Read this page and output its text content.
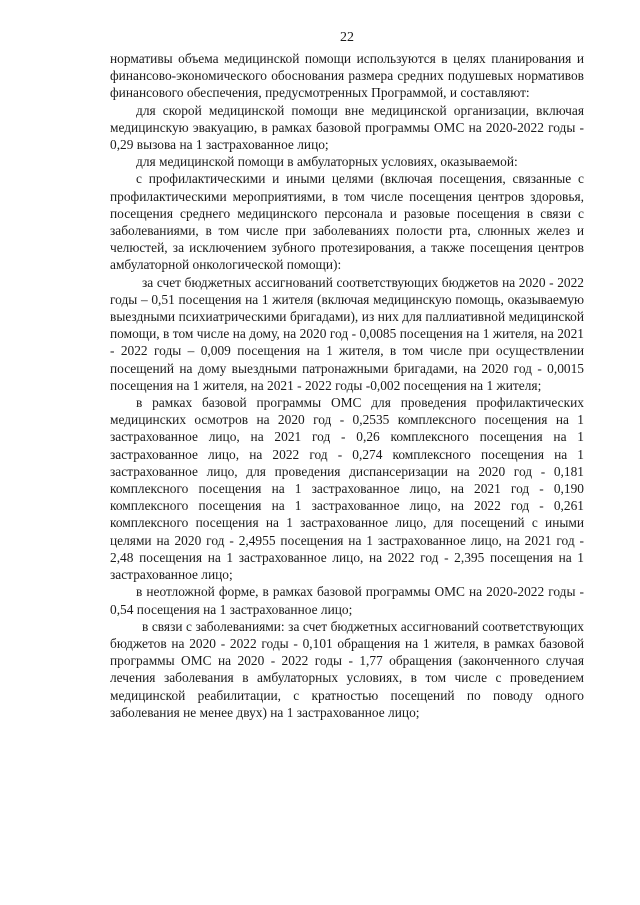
22

нормативы объема медицинской помощи используются в целях планирования и финансово-экономического обоснования размера средних подушевых нормативов финансового обеспечения, предусмотренных Программой, и составляют:

для скорой медицинской помощи вне медицинской организации, включая медицинскую эвакуацию, в рамках базовой программы ОМС на 2020-2022 годы - 0,29 вызова на 1 застрахованное лицо;

для медицинской помощи в амбулаторных условиях, оказываемой:

с профилактическими и иными целями (включая посещения, связанные с профилактическими мероприятиями, в том числе посещения центров здоровья, посещения среднего медицинского персонала и разовые посещения в связи с заболеваниями, в том числе при заболеваниях полости рта, слюнных желез и челюстей, за исключением зубного протезирования, а также посещения центров амбулаторной онкологической помощи):

за счет бюджетных ассигнований соответствующих бюджетов на 2020 - 2022 годы – 0,51 посещения на 1 жителя (включая медицинскую помощь, оказываемую выездными психиатрическими бригадами), из них для паллиативной медицинской помощи, в том числе на дому, на 2020 год - 0,0085 посещения на 1 жителя, на 2021 - 2022 годы – 0,009 посещения на 1 жителя, в том числе при осуществлении посещений на дому выездными патронажными бригадами, на 2020 год - 0,0015 посещения на 1 жителя, на 2021 - 2022 годы -0,002 посещения на 1 жителя;

в рамках базовой программы ОМС для проведения профилактических медицинских осмотров на 2020 год - 0,2535 комплексного посещения на 1 застрахованное лицо, на 2021 год - 0,26 комплексного посещения на 1 застрахованное лицо, на 2022 год - 0,274 комплексного посещения на 1 застрахованное лицо, для проведения диспансеризации на 2020 год - 0,181 комплексного посещения на 1 застрахованное лицо, на 2021 год - 0,190 комплексного посещения на 1 застрахованное лицо, на 2022 год - 0,261 комплексного посещения на 1 застрахованное лицо, для посещений с иными целями на 2020 год - 2,4955 посещения на 1 застрахованное лицо, на 2021 год - 2,48 посещения на 1 застрахованное лицо, на 2022 год - 2,395 посещения на 1 застрахованное лицо;

в неотложной форме, в рамках базовой программы ОМС на 2020-2022 годы - 0,54 посещения на 1 застрахованное лицо;

в связи с заболеваниями: за счет бюджетных ассигнований соответствующих бюджетов на 2020 - 2022 годы - 0,101 обращения на 1 жителя, в рамках базовой программы ОМС на 2020 - 2022 годы - 1,77 обращения (законченного случая лечения заболевания в амбулаторных условиях, в том числе с проведением медицинской реабилитации, с кратностью посещений по поводу одного заболевания не менее двух) на 1 застрахованное лицо;
